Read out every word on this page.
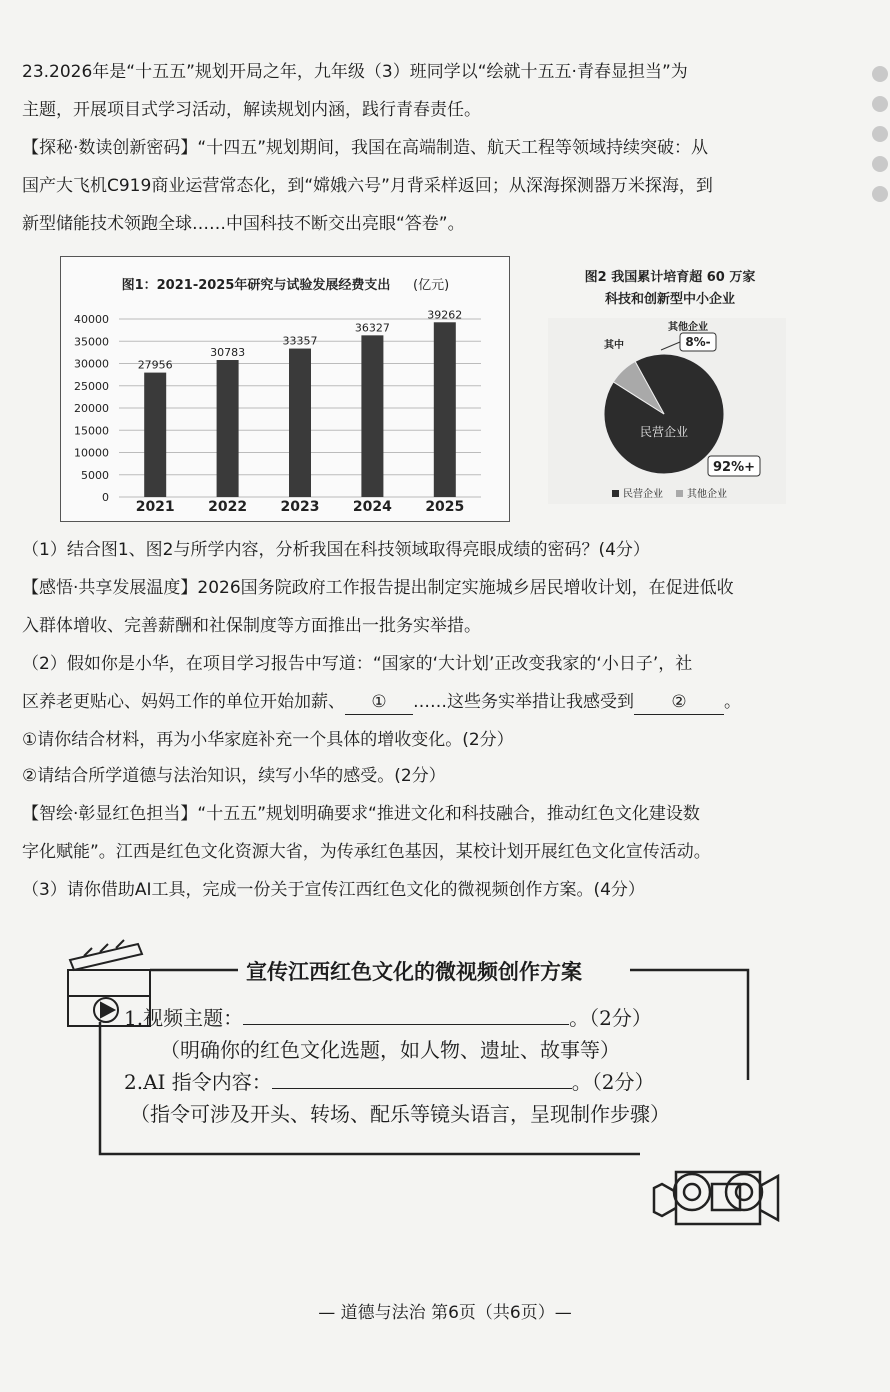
23.2026年是“十五五”规划开局之年，九年级（3）班同学以“绘就十五五·青春显担当”为
主题，开展项目式学习活动，解读规划内涵，践行青春责任。
【探秘·数读创新密码】“十四五”规划期间，我国在高端制造、航天工程等领域持续突破：从
国产大飞机C919商业运营常态化，到“嫦娥六号”月背采样返回；从深海探测器万米探海，到
新型储能技术领跑全球……中国科技不断交出亮眼“答卷”。
图1：2021-2025年研究与试验发展经费支出 (亿元)
0
5000
10000
15000
20000
25000
30000
35000
40000
27956
2021
30783
2022
33357
2023
36327
2024
39262
2025
图2 我国累计培育超 60 万家
科技和创新型中小企业
其中
其他企业
8%-
民营企业
92%+
民营企业 其他企业
（1）结合图1、图2与所学内容，分析我国在科技领域取得亮眼成绩的密码？(4分）
【感悟·共享发展温度】2026国务院政府工作报告提出制定实施城乡居民增收计划，在促进低收
入群体增收、完善薪酬和社保制度等方面推出一批务实举措。
（2）假如你是小华，在项目学习报告中写道：“国家的‘大计划’正改变我家的‘小日子’，社
区养老更贴心、妈妈工作的单位开始加薪、 ① ……这些务实举措让我感受到 ② 。
①请你结合材料，再为小华家庭补充一个具体的增收变化。(2分）
②请结合所学道德与法治知识，续写小华的感受。(2分）
【智绘·彰显红色担当】“十五五”规划明确要求“推进文化和科技融合，推动红色文化建设数
字化赋能”。江西是红色文化资源大省，为传承红色基因，某校计划开展红色文化宣传活动。
（3）请你借助AI工具，完成一份关于宣传江西红色文化的微视频创作方案。(4分）
宣传江西红色文化的微视频创作方案
1.视频主题：	。（2分）
（明确你的红色文化选题，如人物、遗址、故事等）
2.AI 指令内容：	。（2分）
（指令可涉及开头、转场、配乐等镜头语言，呈现制作步骤）
— 道德与法治 第6页（共6页）—
